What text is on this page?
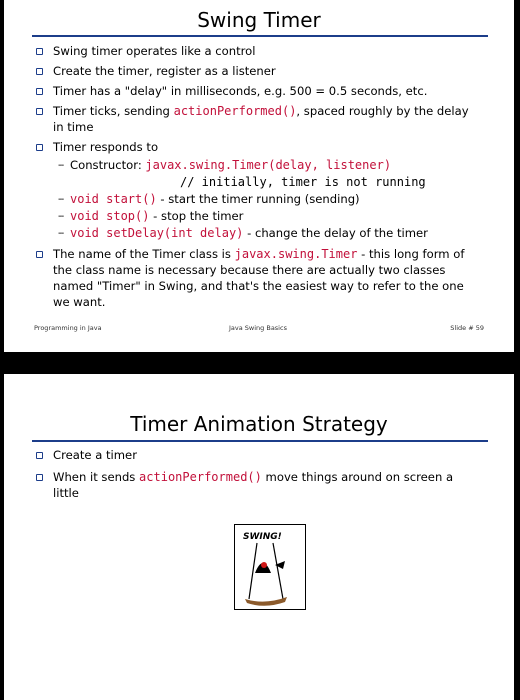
Swing Timer
Swing timer operates like a control
Create the timer, register as a listener
Timer has a "delay" in milliseconds, e.g. 500 = 0.5 seconds, etc.
Timer ticks, sending actionPerformed(), spaced roughly by the delay in time
Timer responds to
-- Constructor: javax.swing.Timer(delay, listener)
// initially, timer is not running
-- void start() - start the timer running (sending)
-- void stop() - stop the timer
-- void setDelay(int delay) - change the delay of the timer
The name of the Timer class is javax.swing.Timer - this long form of the class name is necessary because there are actually two classes named "Timer" in Swing, and that's the easiest way to refer to the one we want.
Programming in Java	Java Swing Basics	Slide # 59
Timer Animation Strategy
Create a timer
When it sends actionPerformed() move things around on screen a little
SWING!
